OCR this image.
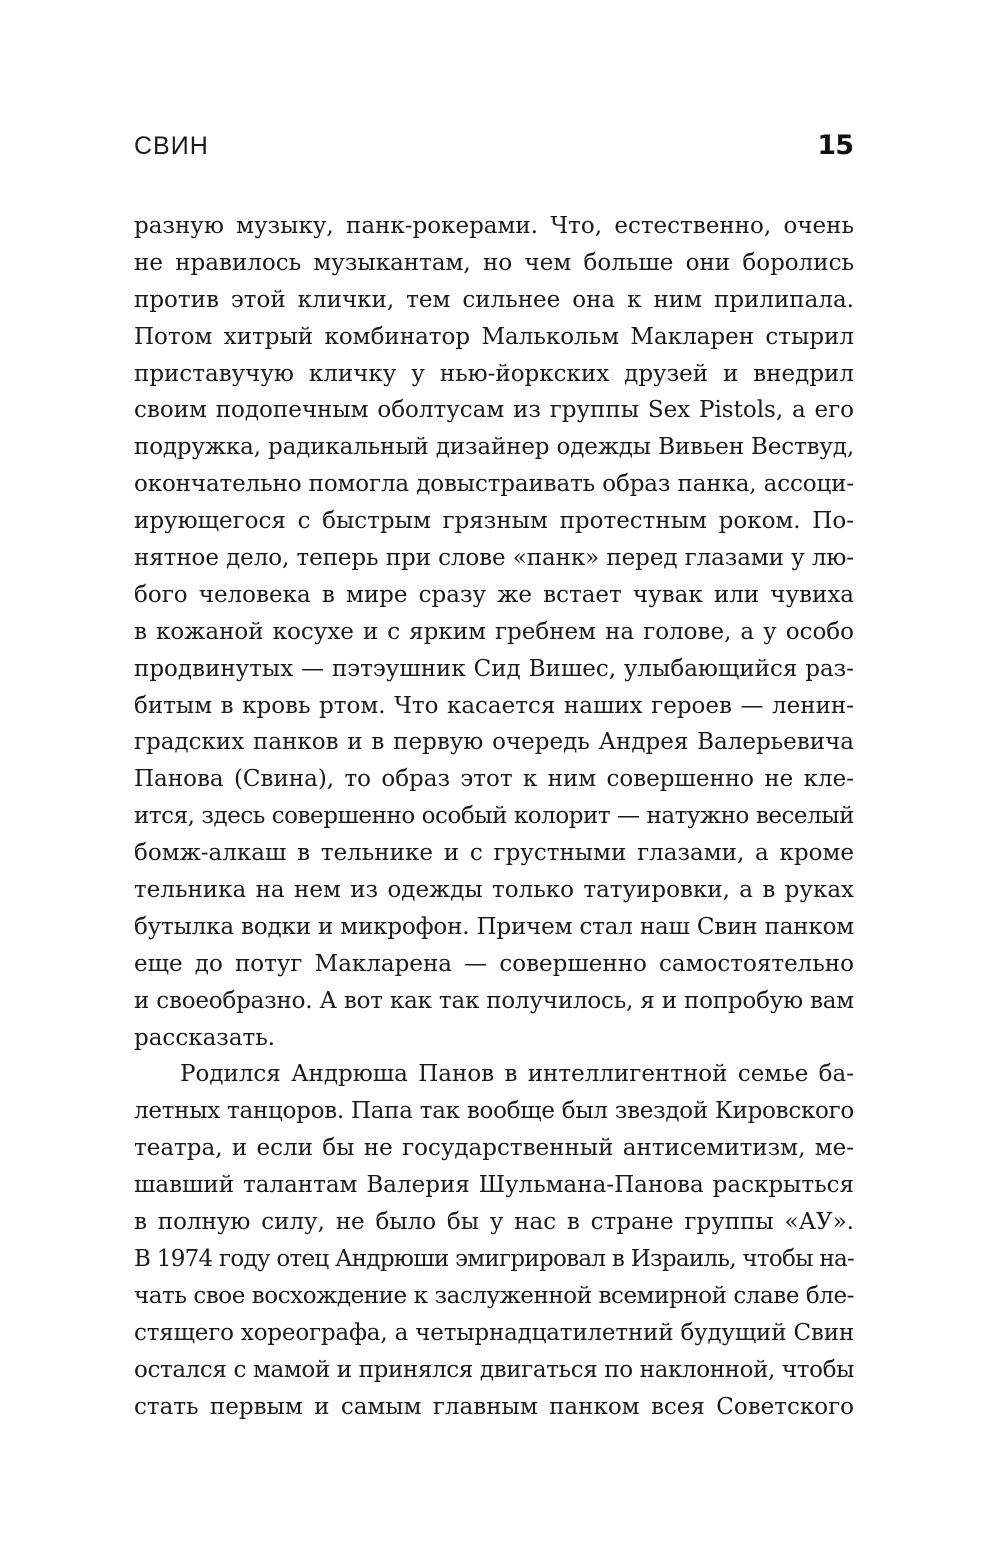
СВИН	15
разную музыку, панк-рокерами. Что, естественно, очень
не нравилось музыкантам, но чем больше они боролись
против этой клички, тем сильнее она к ним прилипала.
Потом хитрый комбинатор Малькольм Макларен стырил
приставучую кличку у нью-йоркских друзей и внедрил
своим подопечным оболтусам из группы Sex Pistols, а его
подружка, радикальный дизайнер одежды Вивьен Вествуд,
окончательно помогла довыстраивать образ панка, ассоци-
ирующегося с быстрым грязным протестным роком. По-
нятное дело, теперь при слове «панк» перед глазами у лю-
бого человека в мире сразу же встает чувак или чувиха
в кожаной косухе и с ярким гребнем на голове, а у особо
продвинутых — пэтэушник Сид Вишес, улыбающийся раз-
битым в кровь ртом. Что касается наших героев — ленин-
градских панков и в первую очередь Андрея Валерьевича
Панова (Свина), то образ этот к ним совершенно не кле-
ится, здесь совершенно особый колорит — натужно веселый
бомж-алкаш в тельнике и с грустными глазами, а кроме
тельника на нем из одежды только татуировки, а в руках
бутылка водки и микрофон. Причем стал наш Свин панком
еще до потуг Макларена — совершенно самостоятельно
и своеобразно. А вот как так получилось, я и попробую вам
рассказать.
Родился Андрюша Панов в интеллигентной семье ба-
летных танцоров. Папа так вообще был звездой Кировского
театра, и если бы не государственный антисемитизм, ме-
шавший талантам Валерия Шульмана-Панова раскрыться
в полную силу, не было бы у нас в стране группы «АУ».
В 1974 году отец Андрюши эмигрировал в Израиль, чтобы на-
чать свое восхождение к заслуженной всемирной славе бле-
стящего хореографа, а четырнадцатилетний будущий Свин
остался с мамой и принялся двигаться по наклонной, чтобы
стать первым и самым главным панком всея Советского
